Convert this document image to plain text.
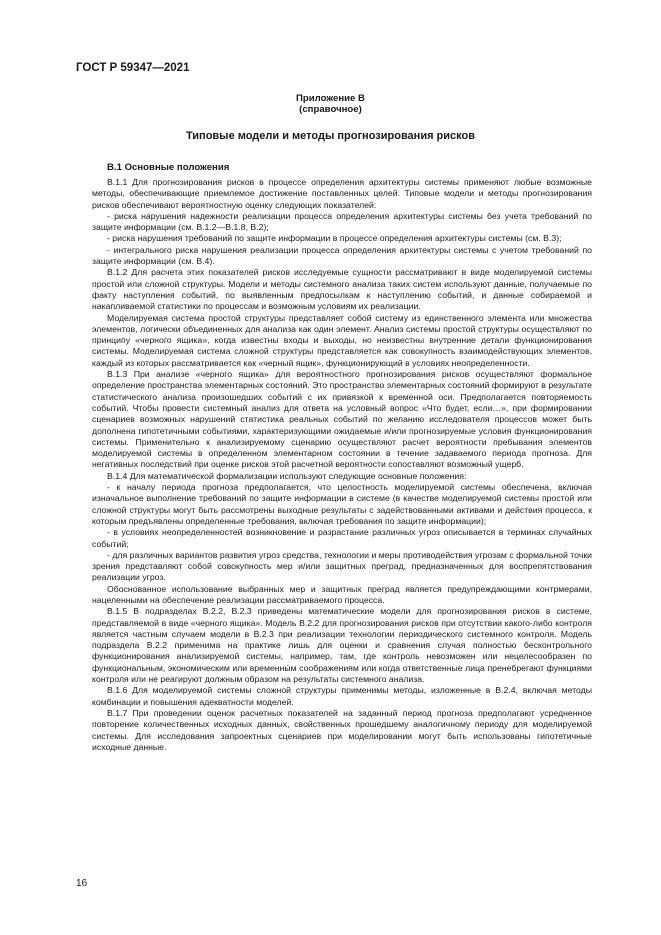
ГОСТ Р 59347—2021
Приложение В
(справочное)
Типовые модели и методы прогнозирования рисков
В.1 Основные положения

В.1.1 Для прогнозирования рисков в процессе определения архитектуры системы применяют любые возможные методы, обеспечивающие приемлемое достижение поставленных целей. Типовые модели и методы прогнозирования рисков обеспечивают вероятностную оценку следующих показателей:

- риска нарушения надежности реализации процесса определения архитектуры системы без учета требований по защите информации (см. В.1.2—В.1.8, В.2);

- риска нарушения требований по защите информации в процессе определения архитектуры системы (см. В.3);

- интегрального риска нарушения реализации процесса определения архитектуры системы с учетом требований по защите информации (см. В.4).

В.1.2 Для расчета этих показателей рисков исследуемые сущности рассматривают в виде моделируемой системы простой или сложной структуры. Модели и методы системного анализа таких систем используют данные, получаемые по факту наступления событий, по выявленным предпосылкам к наступлению событий, и данные собираемой и накапливаемой статистики по процессам и возможным условиям их реализации.

Моделируемая система простой структуры представляет собой систему из единственного элемента или множества элементов, логически объединенных для анализа как один элемент. Анализ системы простой структуры осуществляют по принципу «черного ящика», когда известны входы и выходы, но неизвестны внутренние детали функционирования системы. Моделируемая система сложной структуры представляется как совокупность взаимодействующих элементов, каждый из которых рассматривается как «черный ящик», функционирующий в условиях неопределенности.

В.1.3 При анализе «черного ящика» для вероятностного прогнозирования рисков осуществляют формальное определение пространства элементарных состояний. Это пространство элементарных состояний формируют в результате статистического анализа произошедших событий с их привязкой к временной оси. Предполагается повторяемость событий. Чтобы провести системный анализ для ответа на условный вопрос «Что будет, если…», при формировании сценариев возможных нарушений статистика реальных событий по желанию исследователя процессов может быть дополнена гипотетичными событиями, характеризующими ожидаемые и/или прогнозируемые условия функционирования системы. Применительно к анализируемому сценарию осуществляют расчет вероятности пребывания элементов моделируемой системы в определенном элементарном состоянии в течение задаваемого периода прогноза. Для негативных последствий при оценке рисков этой расчетной вероятности сопоставляют возможный ущерб.

В.1.4 Для математической формализации используют следующие основные положения:

- к началу периода прогноза предполагается, что целостность моделируемой системы обеспечена, включая изначальное выполнение требований по защите информации в системе (в качестве моделируемой системы простой или сложной структуры могут быть рассмотрены выходные результаты с задействованными активами и действия процесса, к которым предъявлены определенные требования, включая требования по защите информации);

- в условиях неопределенностей возникновение и разрастание различных угроз описывается в терминах случайных событий;

- для различных вариантов развития угроз средства, технологии и меры противодействия угрозам с формальной точки зрения представляют собой совокупность мер и/или защитных преград, предназначенных для воспрепятствования реализации угроз.

Обоснованное использование выбранных мер и защитных преград является предупреждающими контрмерами, нацеленными на обеспечение реализации рассматриваемого процесса.

В.1.5 В подразделах В.2.2, В.2.3 приведены математические модели для прогнозирования рисков в системе, представляемой в виде «черного ящика». Модель В.2.2 для прогнозирования рисков при отсутствии какого-либо контроля является частным случаем модели в В.2.3 при реализации технологии периодического системного контроля. Модель подраздела В.2.2 применима на практике лишь для оценки и сравнения случая полностью бесконтрольного функционирования анализируемой системы, например, там, где контроль невозможен или нецелесообразен по функциональным, экономическим или временны́м соображениям или когда ответственные лица пренебрегают функциями контроля или не реагируют должным образом на результаты системного анализа.

В.1.6 Для моделируемой системы сложной структуры применимы методы, изложенные в В.2.4, включая методы комбинации и повышения адекватности моделей.

В.1.7 При проведении оценок расчетных показателей на заданный период прогноза предполагают усредненное повторение количественных исходных данных, свойственных прошедшему аналогичному периоду для моделируемой системы. Для исследования запроектных сценариев при моделировании могут быть использованы гипотетичные исходные данные.

16
